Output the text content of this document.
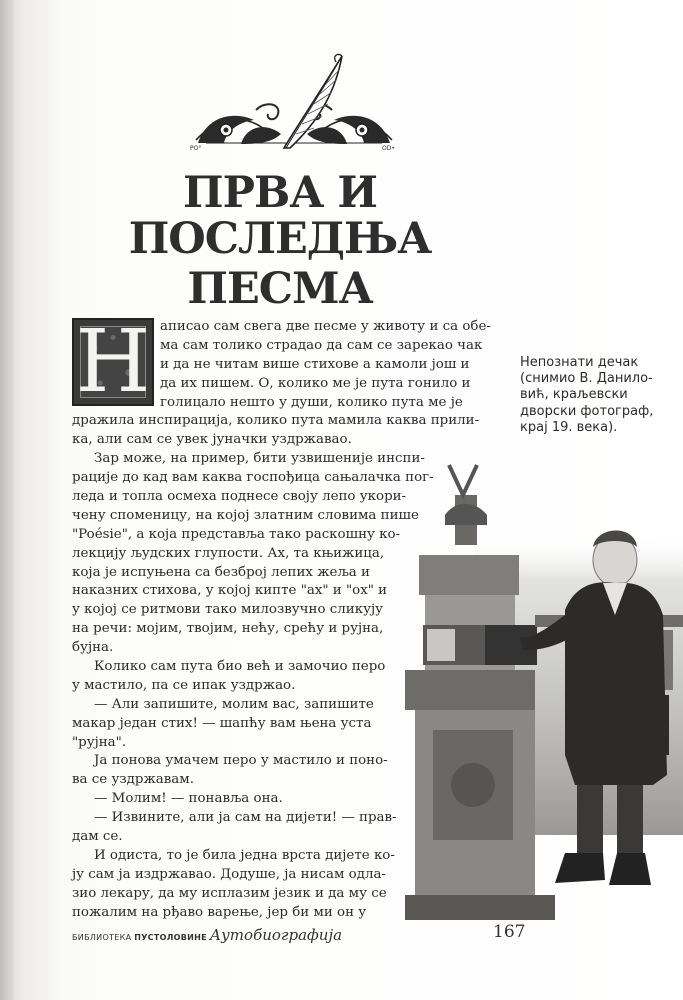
PO°	OD•
ПРВА И
ПОСЛЕДЊА ПЕСМА
Н аписао сам свега две песме у животу и са обе-
ма сам толико страдао да сам се зарекао чак
и да не читам више стихове а камоли још и
да их пишем. О, колико ме је пута гонило и
голицало нешто у души, колико пута ме је
дражила инспирација, колико пута мамила каква прили-
ка, али сам се увек јуначки уздржавао.
Зар може, на пример, бити узвишеније инспи-
рације до кад вам каква госпођица сањалачка пог-
леда и топла осмеха поднесе своју лепо укори-
чену спомeницу, на којој златним словима пише
"Poésie", а која представља тако раскошну ко-
лекцију људских глупости. Ах, та књижица,
која је испуњена са безброј лепих жеља и
наказних стихова, у којој кипте "ах" и "ох" и
у којој се ритмови тако милозвучно сликују
на речи: мојим, твојим, нећу, срећу и рујна,
бујна.
Колико сам пута био већ и замочио перо
у мастило, па се ипак уздржао.
— Али запишите, молим вас, запишите
макар један стих! — шапћу вам њена уста
"рујна".
Ја понова умачем перо у мастило и поно-
ва се уздржавам.
— Молим! — понавља она.
— Извините, али ја сам на дијети! — прав-
дам се.
И одиста, то је била једна врста дијете ко-
ју сам ја издржавао. Додуше, ја нисам одла-
зио лекару, да му исплазим језик и да му се
пожалим на рђаво варење, јер би ми он у
Непознати дечак
(снимио В. Данило-
вић, краљевски
дворски фотограф,
крај 19. века).
БИБЛИОТЕКА ПУСТОЛОВИНЕ Аутобиографија	167
